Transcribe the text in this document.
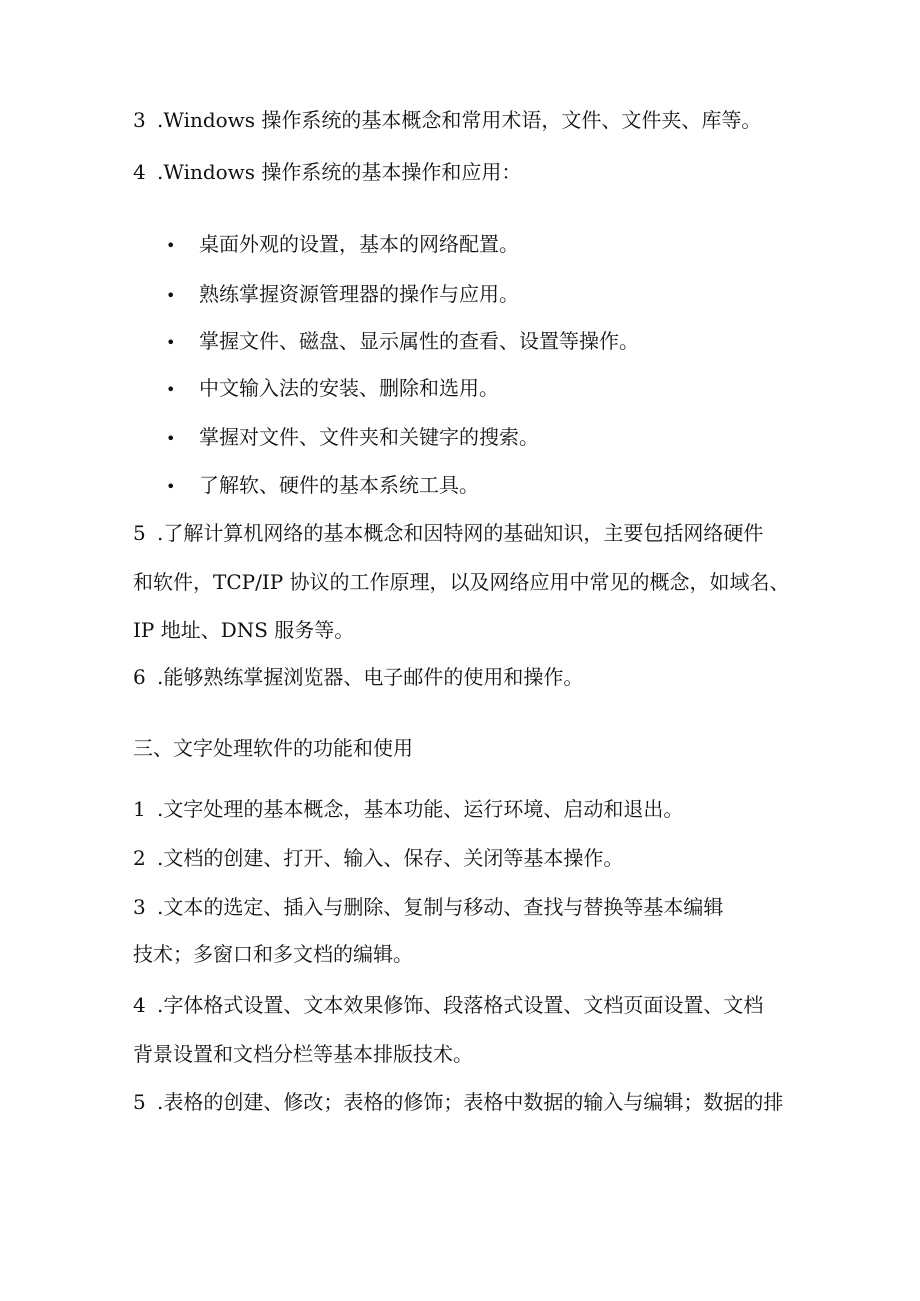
3 .Windows 操作系统的基本概念和常用术语，文件、文件夹、库等。
4 .Windows 操作系统的基本操作和应用：
• 桌面外观的设置，基本的网络配置。
• 熟练掌握资源管理器的操作与应用。
• 掌握文件、磁盘、显示属性的查看、设置等操作。
• 中文输入法的安装、删除和选用。
• 掌握对文件、文件夹和关键字的搜索。
• 了解软、硬件的基本系统工具。
5 .了解计算机网络的基本概念和因特网的基础知识，主要包括网络硬件
和软件，TCP/IP 协议的工作原理，以及网络应用中常见的概念，如域名、
IP 地址、DNS 服务等。
6 .能够熟练掌握浏览器、电子邮件的使用和操作。
三、文字处理软件的功能和使用
1 .文字处理的基本概念，基本功能、运行环境、启动和退出。
2 .文档的创建、打开、输入、保存、关闭等基本操作。
3 .文本的选定、插入与删除、复制与移动、查找与替换等基本编辑
技术；多窗口和多文档的编辑。
4 .字体格式设置、文本效果修饰、段落格式设置、文档页面设置、文档
背景设置和文档分栏等基本排版技术。
5 .表格的创建、修改；表格的修饰；表格中数据的输入与编辑；数据的排
